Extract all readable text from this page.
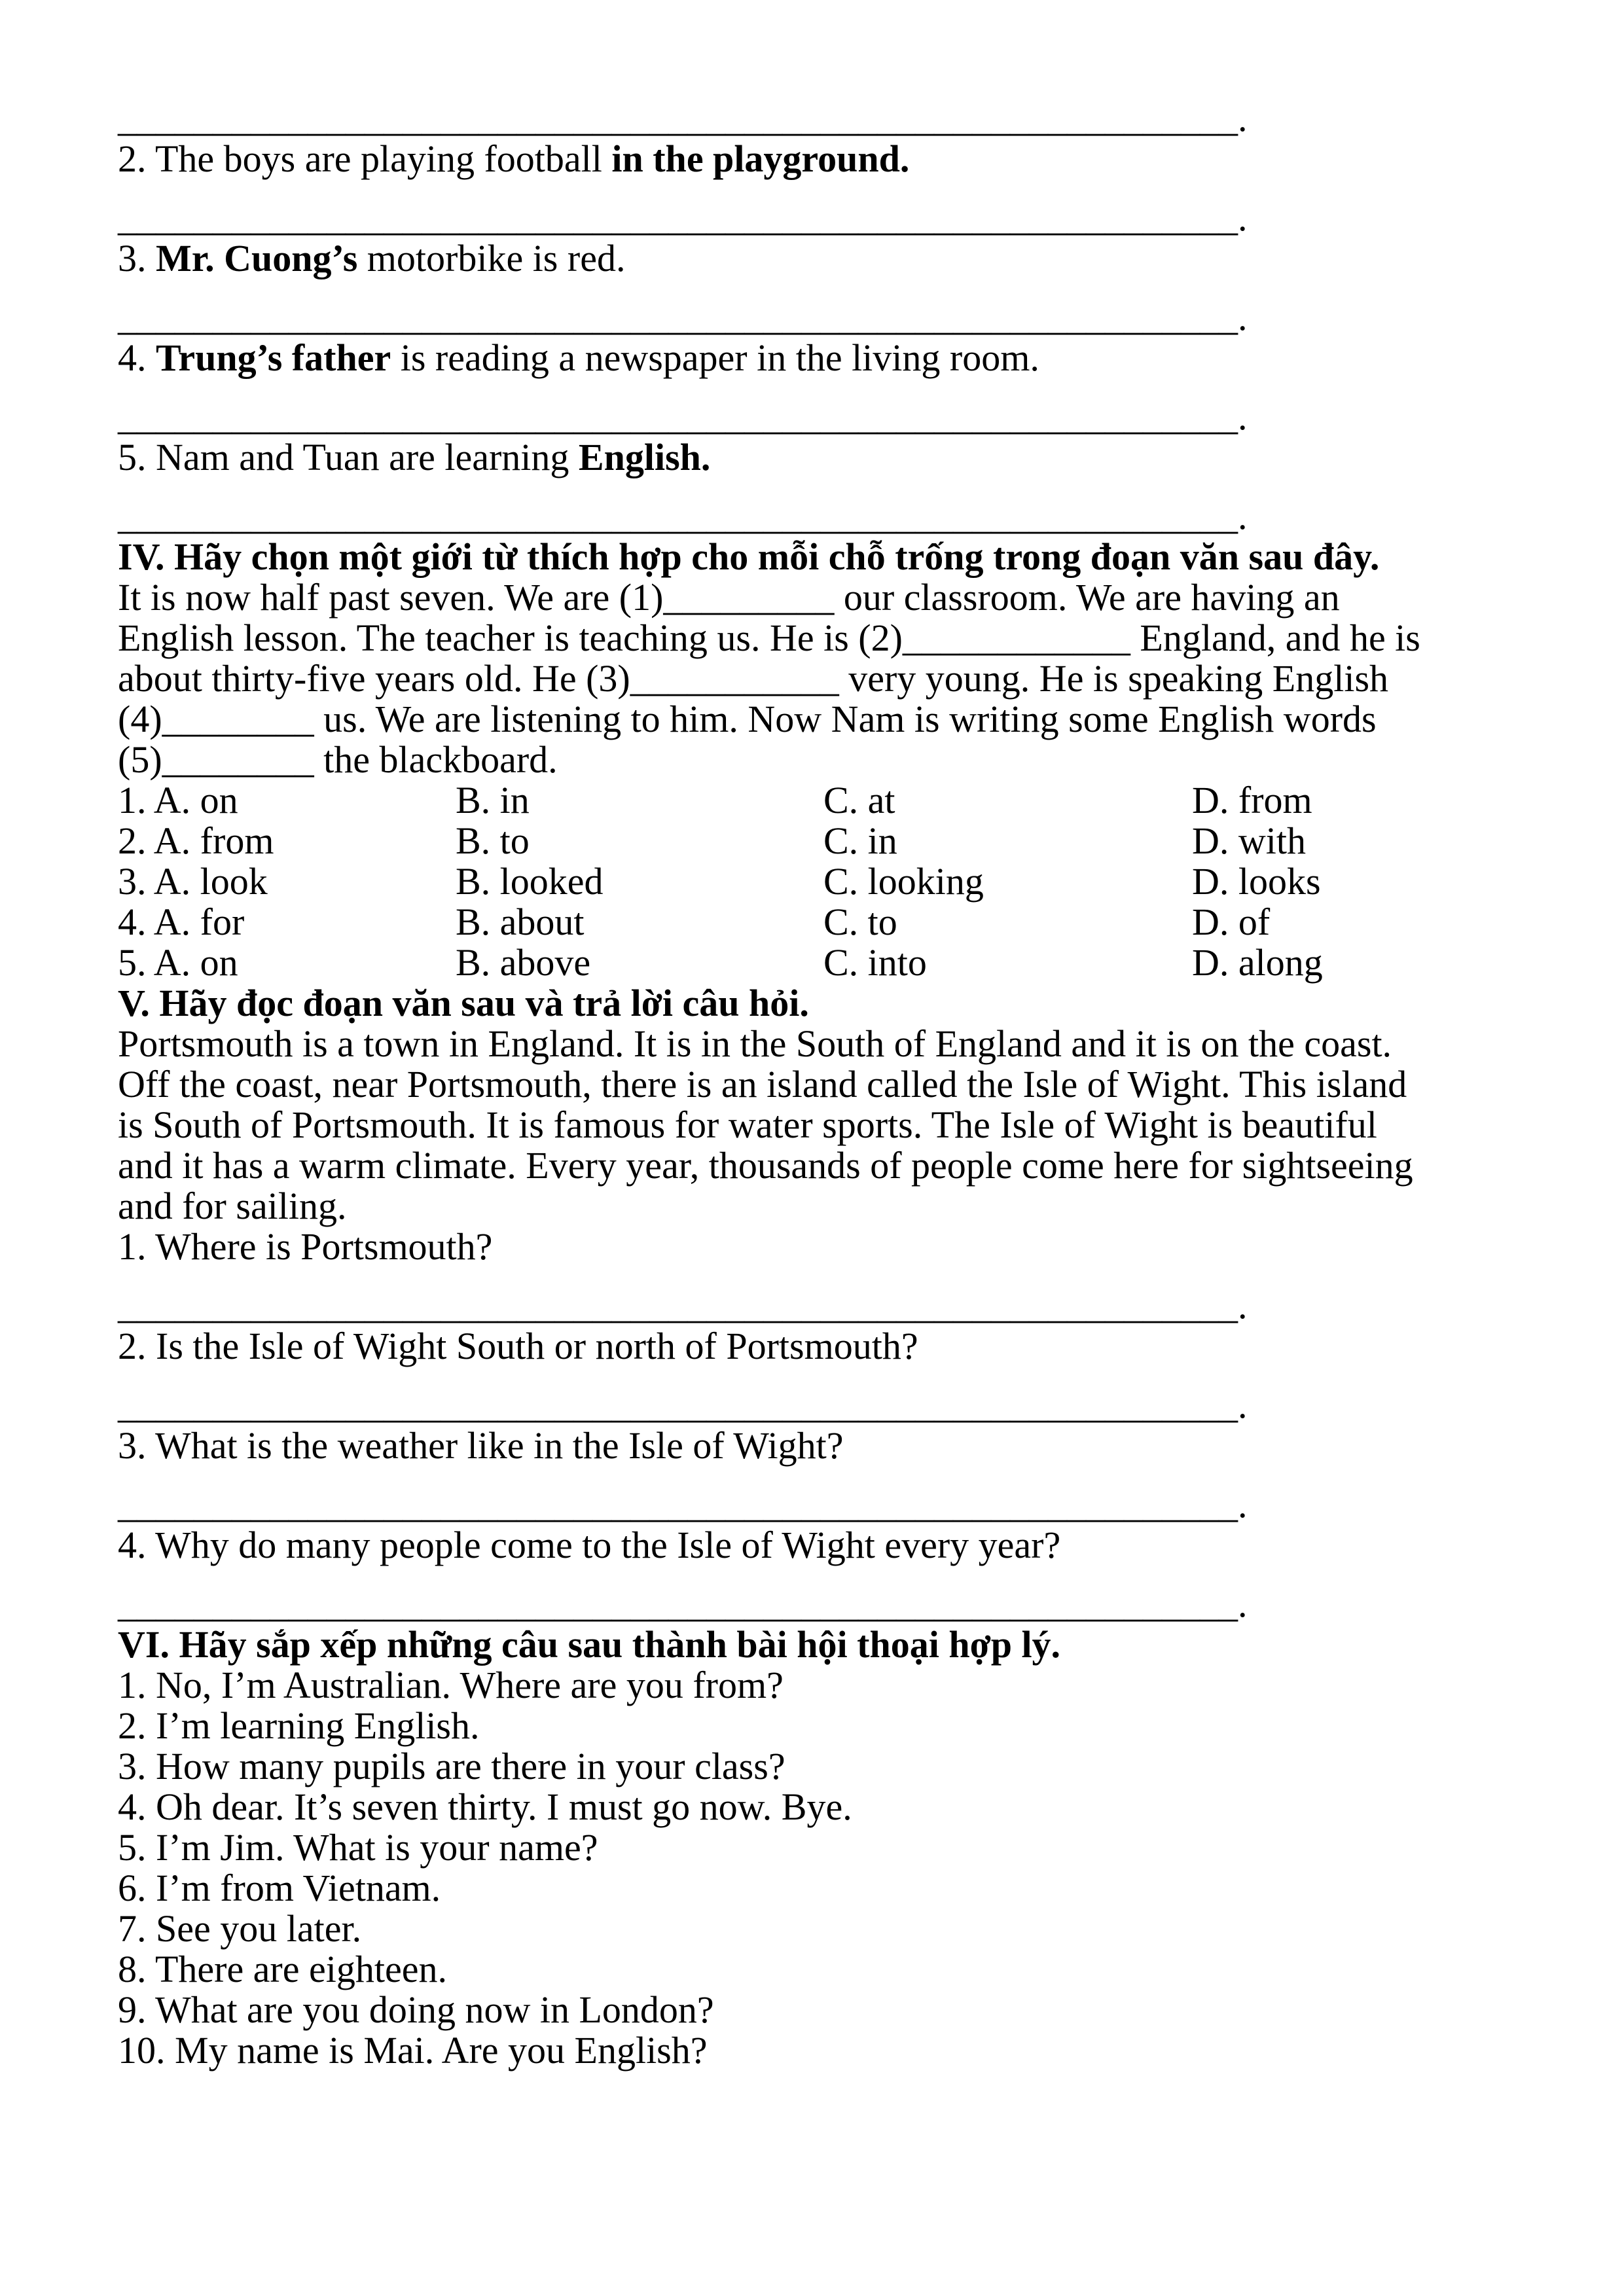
___________________________________________________________.
2. The boys are playing football in the playground.
___________________________________________________________.
3. Mr. Cuong’s motorbike is red.
___________________________________________________________.
4. Trung’s father is reading a newspaper in the living room.
___________________________________________________________.
5. Nam and Tuan are learning English.
___________________________________________________________.
IV. Hãy chọn một giới từ thích hợp cho mỗi chỗ trống trong đoạn văn sau đây.
It is now half past seven. We are (1)_________ our classroom. We are having an
English lesson. The teacher is teaching us. He is (2)____________ England, and he is
about thirty-five years old. He (3)___________ very young. He is speaking English
(4)________ us. We are listening to him. Now Nam is writing some English words
(5)________ the blackboard.
1. A. on	B. in	C. at	D. from
2. A. from	B. to	C. in	D. with
3. A. look	B. looked	C. looking	D. looks
4. A. for	B. about	C. to	D. of
5. A. on	B. above	C. into	D. along
V. Hãy đọc đoạn văn sau và trả lời câu hỏi.
Portsmouth is a town in England. It is in the South of England and it is on the coast.
Off the coast, near Portsmouth, there is an island called the Isle of Wight. This island
is South of Portsmouth. It is famous for water sports. The Isle of Wight is beautiful
and it has a warm climate. Every year, thousands of people come here for sightseeing
and for sailing.
1. Where is Portsmouth?
___________________________________________________________.
2. Is the Isle of Wight South or north of Portsmouth?
___________________________________________________________.
3. What is the weather like in the Isle of Wight?
___________________________________________________________.
4. Why do many people come to the Isle of Wight every year?
___________________________________________________________.
VI. Hãy sắp xếp những câu sau thành bài hội thoại hợp lý.
1. No, I’m Australian. Where are you from?
2. I’m learning English.
3. How many pupils are there in your class?
4. Oh dear. It’s seven thirty. I must go now. Bye.
5. I’m Jim. What is your name?
6. I’m from Vietnam.
7. See you later.
8. There are eighteen.
9. What are you doing now in London?
10. My name is Mai. Are you English?
